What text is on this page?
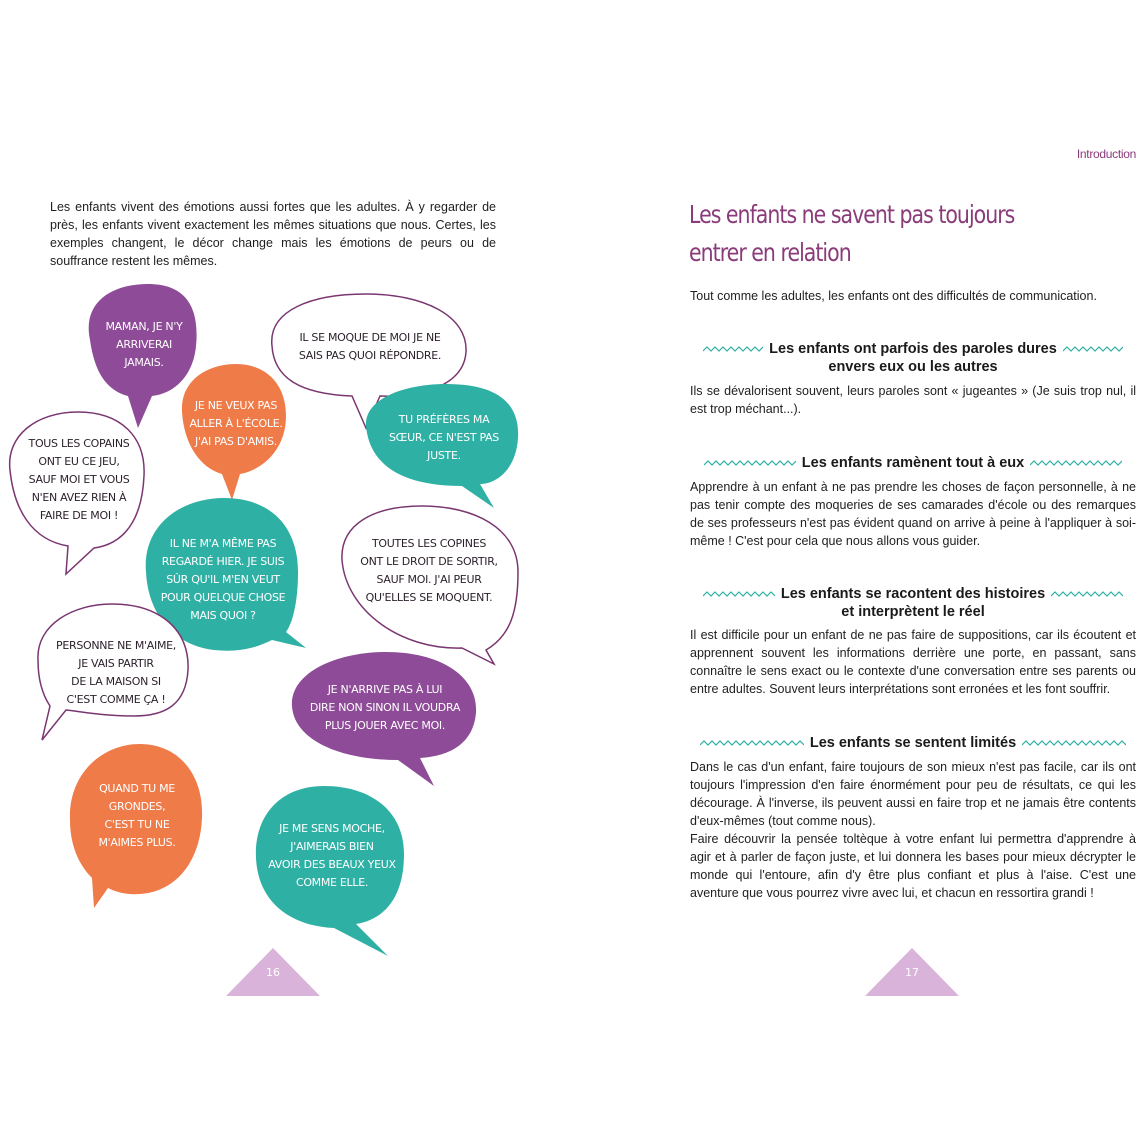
Les enfants vivent des émotions aussi fortes que les adultes. À y regarder de près, les enfants vivent exactement les mêmes situations que nous. Certes, les exemples changent, le décor change mais les émotions de peurs ou de souffrance restent les mêmes.

MAMAN, JE N'Y
ARRIVERAI
JAMAIS.
IL SE MOQUE DE MOI JE NE
SAIS PAS QUOI RÉPONDRE.
JE NE VEUX PAS
ALLER À L'ÉCOLE.
J'AI PAS D'AMIS.
TU PRÉFÈRES MA
SŒUR, CE N'EST PAS
JUSTE.
TOUS LES COPAINS
ONT EU CE JEU,
SAUF MOI ET VOUS
N'EN AVEZ RIEN À
FAIRE DE MOI !
IL NE M'A MÊME PAS
REGARDÉ HIER. JE SUIS
SÛR QU'IL M'EN VEUT
POUR QUELQUE CHOSE
MAIS QUOI ?
TOUTES LES COPINES
ONT LE DROIT DE SORTIR,
SAUF MOI. J'AI PEUR
QU'ELLES SE MOQUENT.
PERSONNE NE M'AIME,
JE VAIS PARTIR
DE LA MAISON SI
C'EST COMME ÇA !
JE N'ARRIVE PAS À LUI
DIRE NON SINON IL VOUDRA
PLUS JOUER AVEC MOI.
QUAND TU ME
GRONDES,
C'EST TU NE
M'AIMES PLUS.
JE ME SENS MOCHE,
J'AIMERAIS BIEN
AVOIR DES BEAUX YEUX
COMME ELLE.
16
Introduction
Les enfants ne savent pas toujours
entrer en relation

Tout comme les adultes, les enfants ont des difficultés de communication.

Les enfants ont parfois des paroles dures
envers eux ou les autres
Ils se dévalorisent souvent, leurs paroles sont « jugeantes » (Je suis trop nul, il est trop méchant...).
Les enfants ramènent tout à eux
Apprendre à un enfant à ne pas prendre les choses de façon personnelle, à ne pas tenir compte des moqueries de ses camarades d'école ou des remarques de ses professeurs n'est pas évident quand on arrive à peine à l'appliquer à soi-même ! C'est pour cela que nous allons vous guider.
Les enfants se racontent des histoires
et interprètent le réel
Il est difficile pour un enfant de ne pas faire de suppositions, car ils écoutent et apprennent souvent les informations derrière une porte, en passant, sans connaître le sens exact ou le contexte d'une conversation entre ses parents ou entre adultes. Souvent leurs interprétations sont erronées et les font souffrir.
Les enfants se sentent limités
Dans le cas d'un enfant, faire toujours de son mieux n'est pas facile, car ils ont toujours l'impression d'en faire énormément pour peu de résultats, ce qui les décourage. À l'inverse, ils peuvent aussi en faire trop et ne jamais être contents d'eux-mêmes (tout comme nous).
Faire découvrir la pensée toltèque à votre enfant lui permettra d'apprendre à agir et à parler de façon juste, et lui donnera les bases pour mieux décrypter le monde qui l'entoure, afin d'y être plus confiant et plus à l'aise. C'est une aventure que vous pourrez vivre avec lui, et chacun en ressortira grandi !
17
